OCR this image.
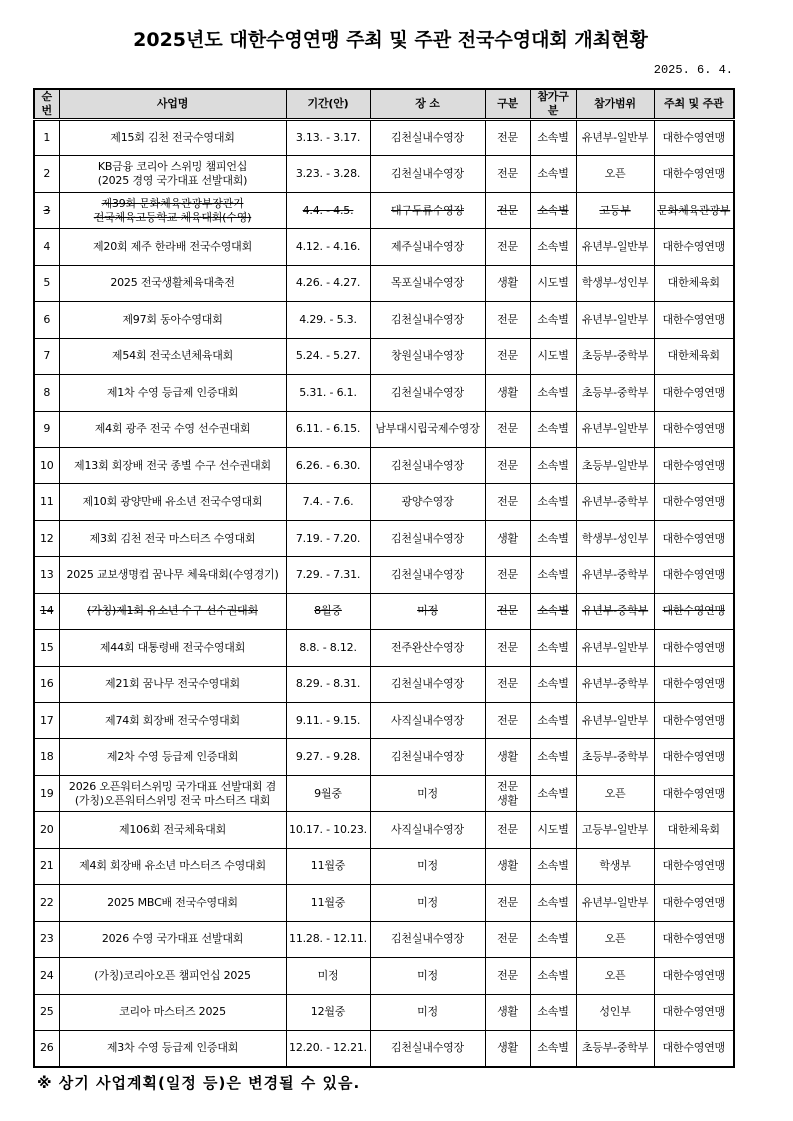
2025년도 대한수영연맹 주최 및 주관 전국수영대회 개최현황
2025. 6. 4.
순번	사업명	기간(안)	장 소	구분	참가구분	참가범위	주최 및 주관
1	제15회 김천 전국수영대회	3.13. - 3.17.	김천실내수영장	전문	소속별	유년부-일반부	대한수영연맹
2	KB금융 코리아 스위밍 챔피언십
(2025 경영 국가대표 선발대회)	3.23. - 3.28.	김천실내수영장	전문	소속별	오픈	대한수영연맹
3	제39회 문화체육관광부장관기
전국체육고등학교 체육대회(수영)	4.4. - 4.5.	대구두류수영장	전문	소속별	고등부	문화체육관광부
4	제20회 제주 한라배 전국수영대회	4.12. - 4.16.	제주실내수영장	전문	소속별	유년부-일반부	대한수영연맹
5	2025 전국생활체육대축전	4.26. - 4.27.	목포실내수영장	생활	시도별	학생부-성인부	대한체육회
6	제97회 동아수영대회	4.29. - 5.3.	김천실내수영장	전문	소속별	유년부-일반부	대한수영연맹
7	제54회 전국소년체육대회	5.24. - 5.27.	창원실내수영장	전문	시도별	초등부-중학부	대한체육회
8	제1차 수영 등급제 인증대회	5.31. - 6.1.	김천실내수영장	생활	소속별	초등부-중학부	대한수영연맹
9	제4회 광주 전국 수영 선수권대회	6.11. - 6.15.	남부대시립국제수영장	전문	소속별	유년부-일반부	대한수영연맹
10	제13회 회장배 전국 종별 수구 선수권대회	6.26. - 6.30.	김천실내수영장	전문	소속별	초등부-일반부	대한수영연맹
11	제10회 광양만배 유소년 전국수영대회	7.4. - 7.6.	광양수영장	전문	소속별	유년부-중학부	대한수영연맹
12	제3회 김천 전국 마스터즈 수영대회	7.19. - 7.20.	김천실내수영장	생활	소속별	학생부-성인부	대한수영연맹
13	2025 교보생명컵 꿈나무 체육대회(수영경기)	7.29. - 7.31.	김천실내수영장	전문	소속별	유년부-중학부	대한수영연맹
14	(가칭)제1회 유소년 수구 선수권대회	8월중	미정	전문	소속별	유년부-중학부	대한수영연맹
15	제44회 대통령배 전국수영대회	8.8. - 8.12.	전주완산수영장	전문	소속별	유년부-일반부	대한수영연맹
16	제21회 꿈나무 전국수영대회	8.29. - 8.31.	김천실내수영장	전문	소속별	유년부-중학부	대한수영연맹
17	제74회 회장배 전국수영대회	9.11. - 9.15.	사직실내수영장	전문	소속별	유년부-일반부	대한수영연맹
18	제2차 수영 등급제 인증대회	9.27. - 9.28.	김천실내수영장	생활	소속별	초등부-중학부	대한수영연맹
19	2026 오픈워터스위밍 국가대표 선발대회 겸
(가칭)오픈워터스위밍 전국 마스터즈 대회	9월중	미정	전문
생활	소속별	오픈	대한수영연맹
20	제106회 전국체육대회	10.17. - 10.23.	사직실내수영장	전문	시도별	고등부-일반부	대한체육회
21	제4회 회장배 유소년 마스터즈 수영대회	11월중	미정	생활	소속별	학생부	대한수영연맹
22	2025 MBC배 전국수영대회	11월중	미정	전문	소속별	유년부-일반부	대한수영연맹
23	2026 수영 국가대표 선발대회	11.28. - 12.11.	김천실내수영장	전문	소속별	오픈	대한수영연맹
24	(가칭)코리아오픈 챔피언십 2025	미정	미정	전문	소속별	오픈	대한수영연맹
25	코리아 마스터즈 2025	12월중	미정	생활	소속별	성인부	대한수영연맹
26	제3차 수영 등급제 인증대회	12.20. - 12.21.	김천실내수영장	생활	소속별	초등부-중학부	대한수영연맹
※ 상기 사업계획(일정 등)은 변경될 수 있음.
